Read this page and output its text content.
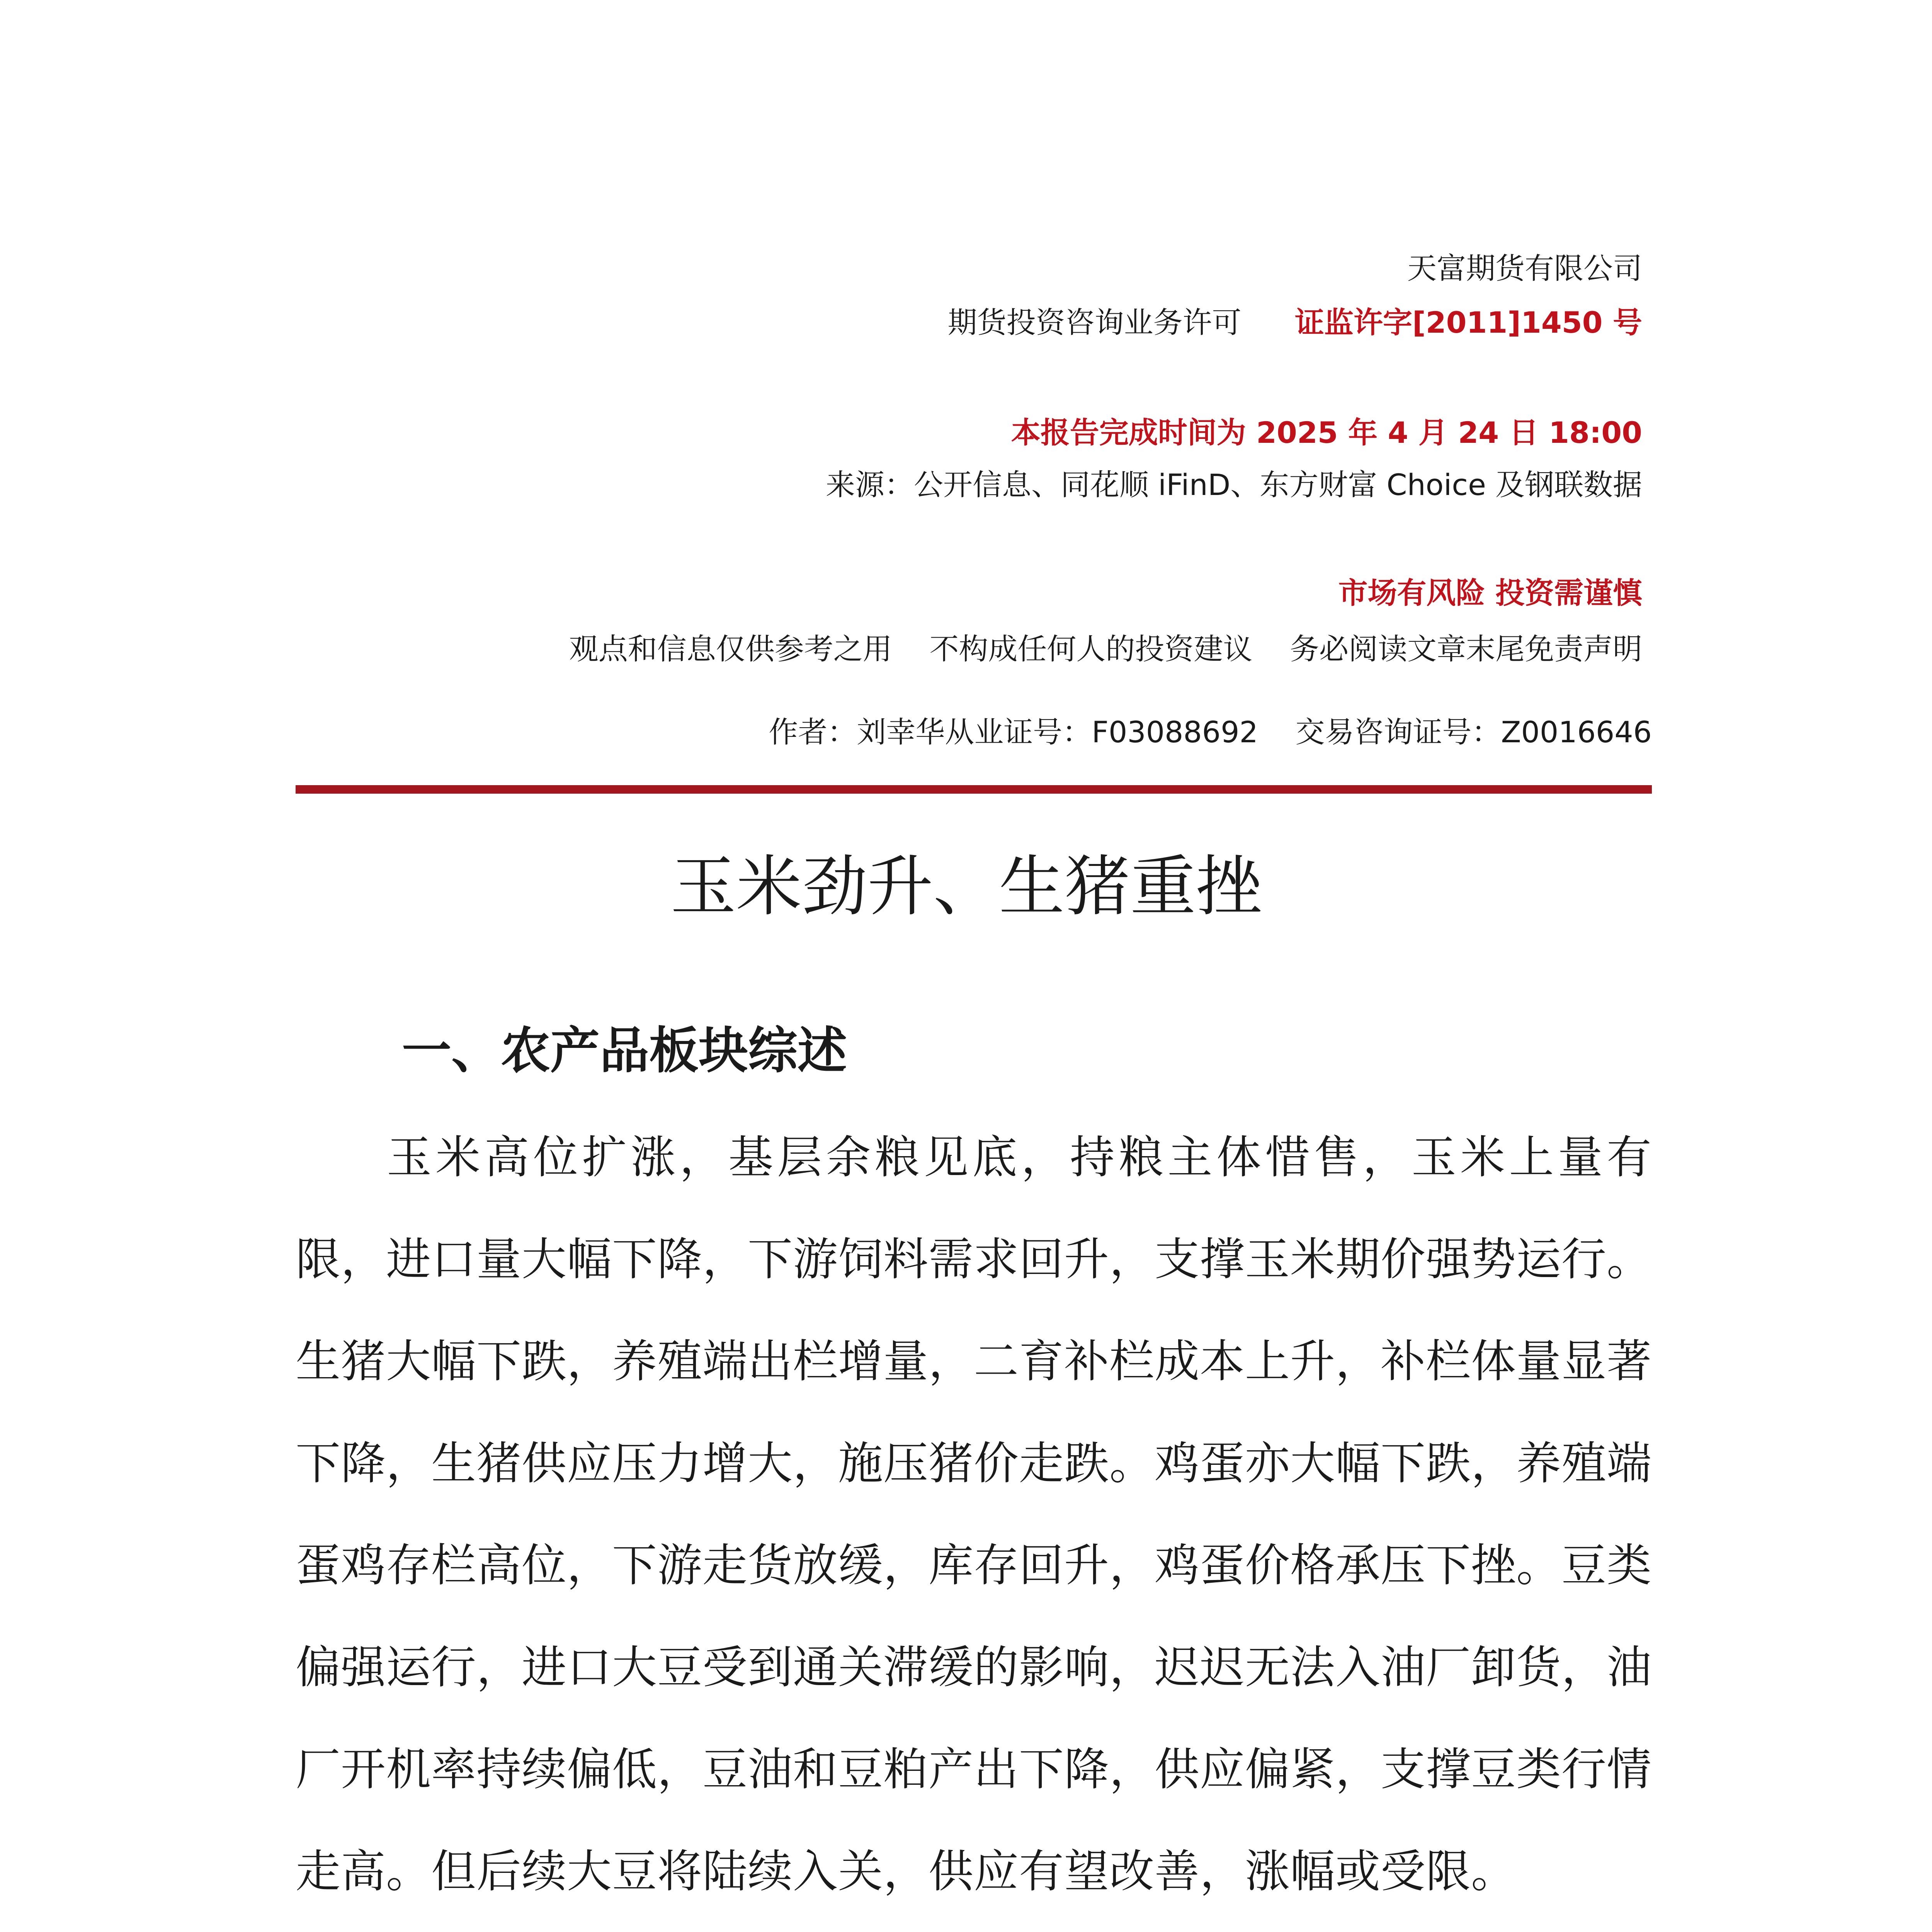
天富期货有限公司
期货投资咨询业务许可 证监许字[2011]1450 号
本报告完成时间为 2025 年 4 月 24 日 18:00
来源：公开信息、同花顺 iFinD、东方财富 Choice 及钢联数据
市场有风险 投资需谨慎
观点和信息仅供参考之用    不构成任何人的投资建议    务必阅读文章末尾免责声明
作者：刘幸华从业证号：F03088692    交易咨询证号：Z0016646
玉米劲升、生猪重挫
一、农产品板块综述

玉米高位扩涨，基层余粮见底，持粮主体惜售，玉米上量有限，进口量大幅下降，下游饲料需求回升，支撑玉米期价强势运行。生猪大幅下跌，养殖端出栏增量，二育补栏成本上升，补栏体量显著下降，生猪供应压力增大，施压猪价走跌。鸡蛋亦大幅下跌，养殖端蛋鸡存栏高位，下游走货放缓，库存回升，鸡蛋价格承压下挫。豆类偏强运行，进口大豆受到通关滞缓的影响，迟迟无法入油厂卸货，油厂开机率持续偏低，豆油和豆粕产出下降，供应偏紧，支撑豆类行情走高。但后续大豆将陆续入关，供应有望改善，涨幅或受限。
